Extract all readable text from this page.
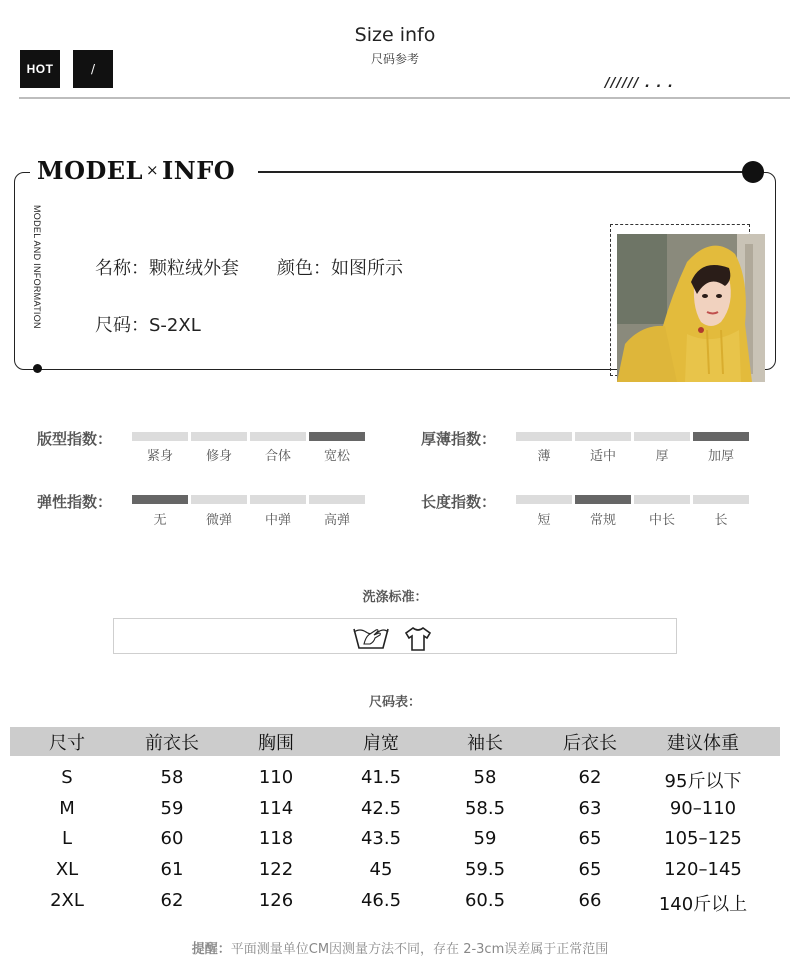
Size info
尺码参考
HOT	/
////// . . .
MODEL × INFO
MODEL AND INFORMATION	名称：颗粒绒外套 颜色：如图所示
尺码：S-2XL
版型指数：
紧身	修身	合体	宽松
厚薄指数：
薄	适中	厚	加厚
弹性指数：
无	微弹	中弹	高弹
长度指数：
短	常规	中长	长
洗涤标准：
尺码表：
尺寸	前衣长	胸围	肩宽	袖长	后衣长	建议体重
S	58	110	41.5	58	62	95斤以下
M	59	114	42.5	58.5	63	90–110
L	60	118	43.5	59	65	105–125
XL	61	122	45	59.5	65	120–145
2XL	62	126	46.5	60.5	66	140斤以上
提醒：平面测量单位CM因测量方法不同，存在 2-3cm误差属于正常范围
